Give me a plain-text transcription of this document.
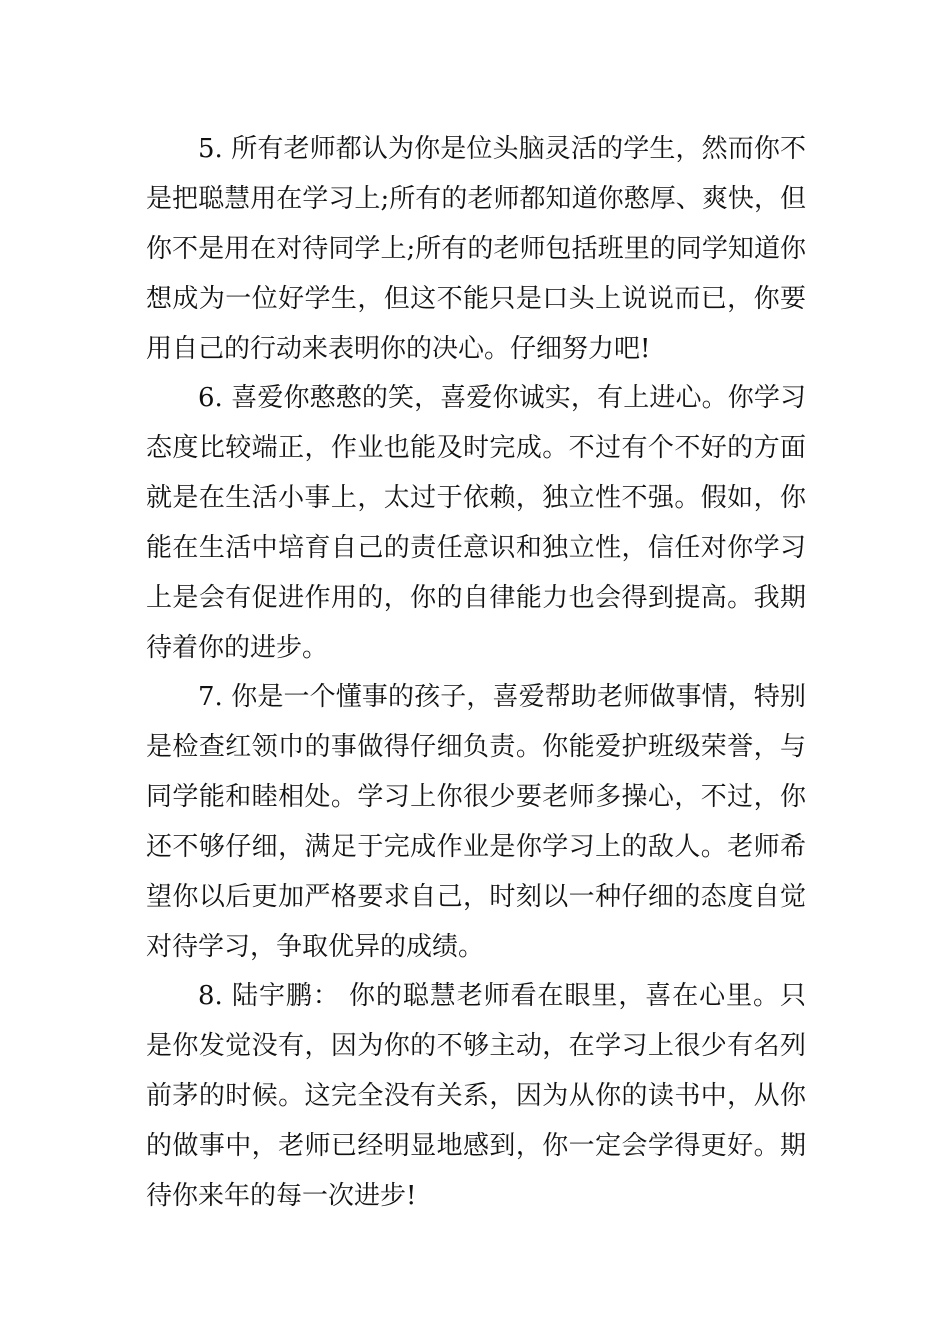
5. 所有老师都认为你是位头脑灵活的学生，然而你不
是把聪慧用在学习上;所有的老师都知道你憨厚、爽快，但
你不是用在对待同学上;所有的老师包括班里的同学知道你
想成为一位好学生，但这不能只是口头上说说而已，你要
用自己的行动来表明你的决心。仔细努力吧!
6. 喜爱你憨憨的笑，喜爱你诚实，有上进心。你学习
态度比较端正，作业也能及时完成。不过有个不好的方面
就是在生活小事上，太过于依赖，独立性不强。假如，你
能在生活中培育自己的责任意识和独立性，信任对你学习
上是会有促进作用的，你的自律能力也会得到提高。我期
待着你的进步。
7. 你是一个懂事的孩子，喜爱帮助老师做事情，特别
是检查红领巾的事做得仔细负责。你能爱护班级荣誉，与
同学能和睦相处。学习上你很少要老师多操心，不过，你
还不够仔细，满足于完成作业是你学习上的敌人。老师希
望你以后更加严格要求自己，时刻以一种仔细的态度自觉
对待学习，争取优异的成绩。
8. 陆宇鹏： 你的聪慧老师看在眼里，喜在心里。只
是你发觉没有，因为你的不够主动，在学习上很少有名列
前茅的时候。这完全没有关系，因为从你的读书中，从你
的做事中，老师已经明显地感到，你一定会学得更好。期
待你来年的每一次进步!
